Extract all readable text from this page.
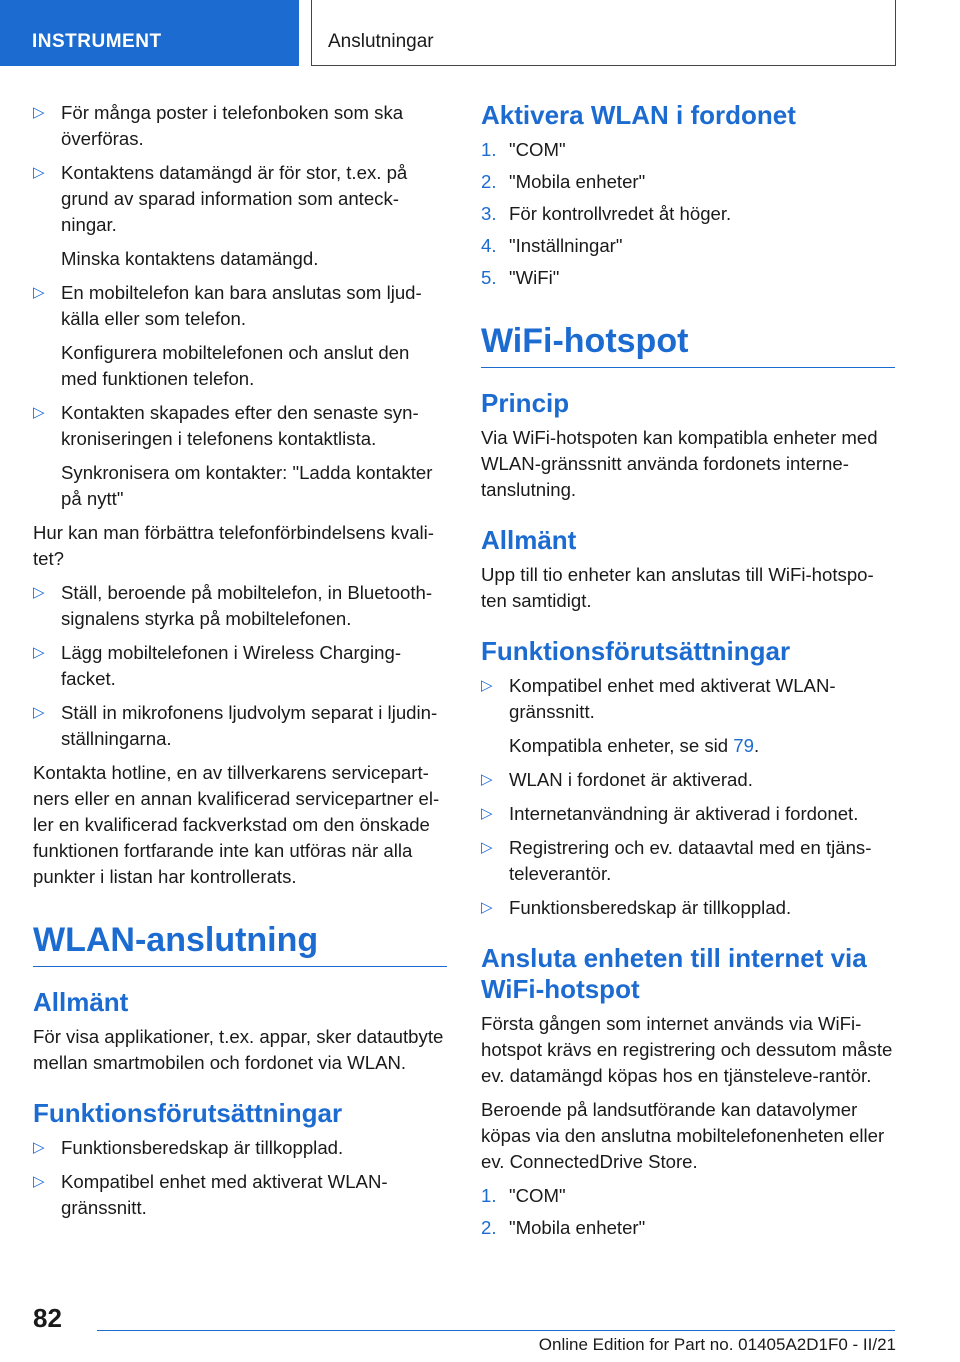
INSTRUMENT	Anslutningar
▷ För många poster i telefonboken som ska överföras.
▷ Kontaktens datamängd är för stor, t.ex. på grund av sparad information som anteck‐ningar.
Minska kontaktens datamängd.
▷ En mobiltelefon kan bara anslutas som ljud‐källa eller som telefon.
Konfigurera mobiltelefonen och anslut den med funktionen telefon.
▷ Kontakten skapades efter den senaste syn‐kroniseringen i telefonens kontaktlista.
Synkronisera om kontakter: "Ladda kontakter på nytt"

Hur kan man förbättra telefonförbindelsens kvali‐tet?

▷ Ställ, beroende på mobiltelefon, in Bluetooth-signalens styrka på mobiltelefonen.
▷ Lägg mobiltelefonen i Wireless Charging-facket.
▷ Ställ in mikrofonens ljudvolym separat i ljudin‐ställningarna.

Kontakta hotline, en av tillverkarens servicepart‐ners eller en annan kvalificerad servicepartner el‐ler en kvalificerad fackverkstad om den önskade funktionen fortfarande inte kan utföras när alla punkter i listan har kontrollerats.

WLAN-anslutning
Allmänt

För visa applikationer, t.ex. appar, sker datautbyte mellan smartmobilen och fordonet via WLAN.

Funktionsförutsättningar
▷ Funktionsberedskap är tillkopplad.
▷ Kompatibel enhet med aktiverat WLAN-gränssnitt.
Aktivera WLAN i fordonet
1. "COM"
2. "Mobila enheter"
3. För kontrollvredet åt höger.
4. "Inställningar"
5. "WiFi"
WiFi-hotspot
Princip

Via WiFi-hotspoten kan kompatibla enheter med WLAN-gränssnitt använda fordonets interne‐tanslutning.

Allmänt

Upp till tio enheter kan anslutas till WiFi-hotspo‐ten samtidigt.

Funktionsförutsättningar
▷ Kompatibel enhet med aktiverat WLAN-gränssnitt.
Kompatibla enheter, se sid 79.
▷ WLAN i fordonet är aktiverad.
▷ Internetanvändning är aktiverad i fordonet.
▷ Registrering och ev. dataavtal med en tjäns‐televerantör.
▷ Funktionsberedskap är tillkopplad.
Ansluta enheten till internet via WiFi-hotspot

Första gången som internet används via WiFi-hotspot krävs en registrering och dessutom måste ev. datamängd köpas hos en tjänsteleve‐rantör.

Beroende på landsutförande kan datavolymer köpas via den anslutna mobiltelefonenheten eller ev. ConnectedDrive Store.

1. "COM"
2. "Mobila enheter"
82
Online Edition for Part no. 01405A2D1F0 - II/21
